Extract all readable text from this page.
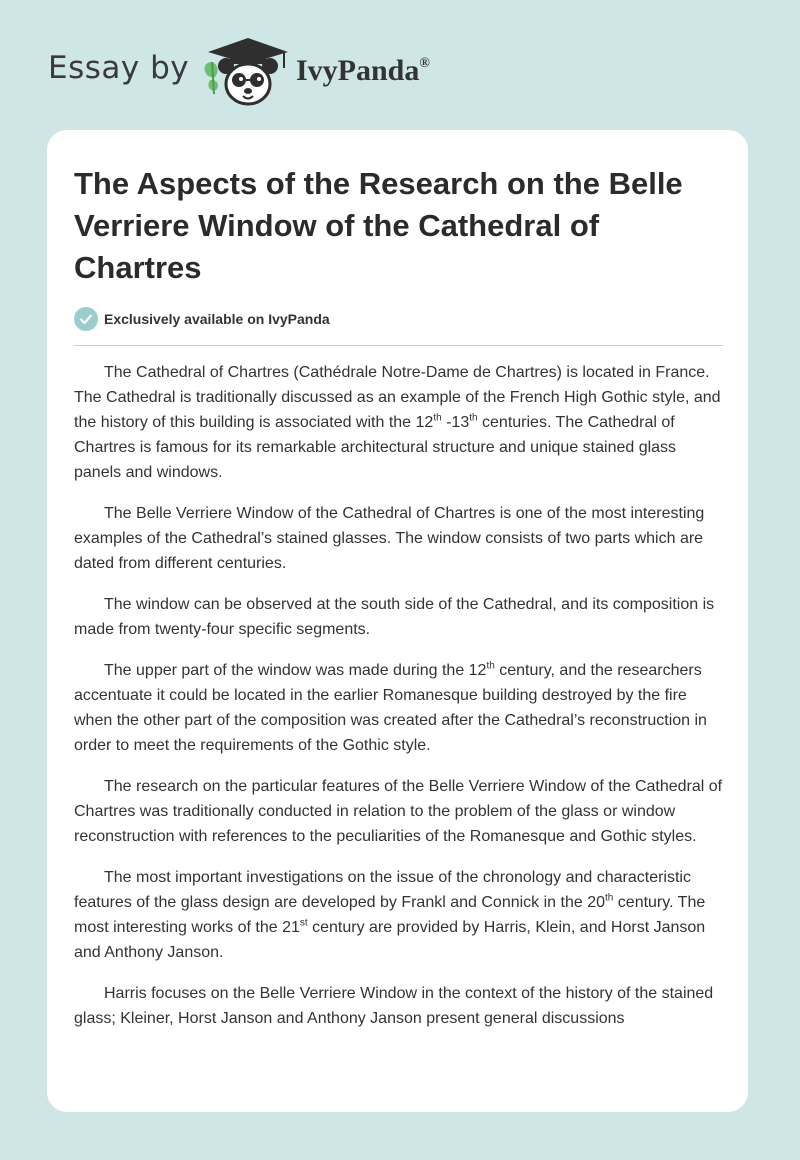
Essay by	IvyPanda®
The Aspects of the Research on the Belle Verriere Window of the Cathedral of Chartres
Exclusively available on IvyPanda

The Cathedral of Chartres (Cathédrale Notre-Dame de Chartres) is located in France. The Cathedral is traditionally discussed as an example of the French High Gothic style, and the history of this building is associated with the 12th -13th centuries. The Cathedral of Chartres is famous for its remarkable architectural structure and unique stained glass panels and windows.

The Belle Verriere Window of the Cathedral of Chartres is one of the most interesting examples of the Cathedral’s stained glasses. The window consists of two parts which are dated from different centuries.

The window can be observed at the south side of the Cathedral, and its composition is made from twenty-four specific segments.

The upper part of the window was made during the 12th century, and the researchers accentuate it could be located in the earlier Romanesque building destroyed by the fire when the other part of the composition was created after the Cathedral’s reconstruction in order to meet the requirements of the Gothic style.

The research on the particular features of the Belle Verriere Window of the Cathedral of Chartres was traditionally conducted in relation to the problem of the glass or window reconstruction with references to the peculiarities of the Romanesque and Gothic styles.

The most important investigations on the issue of the chronology and characteristic features of the glass design are developed by Frankl and Connick in the 20th century. The most interesting works of the 21st century are provided by Harris, Klein, and Horst Janson and Anthony Janson.

Harris focuses on the Belle Verriere Window in the context of the history of the stained glass; Kleiner, Horst Janson and Anthony Janson present general discussions
